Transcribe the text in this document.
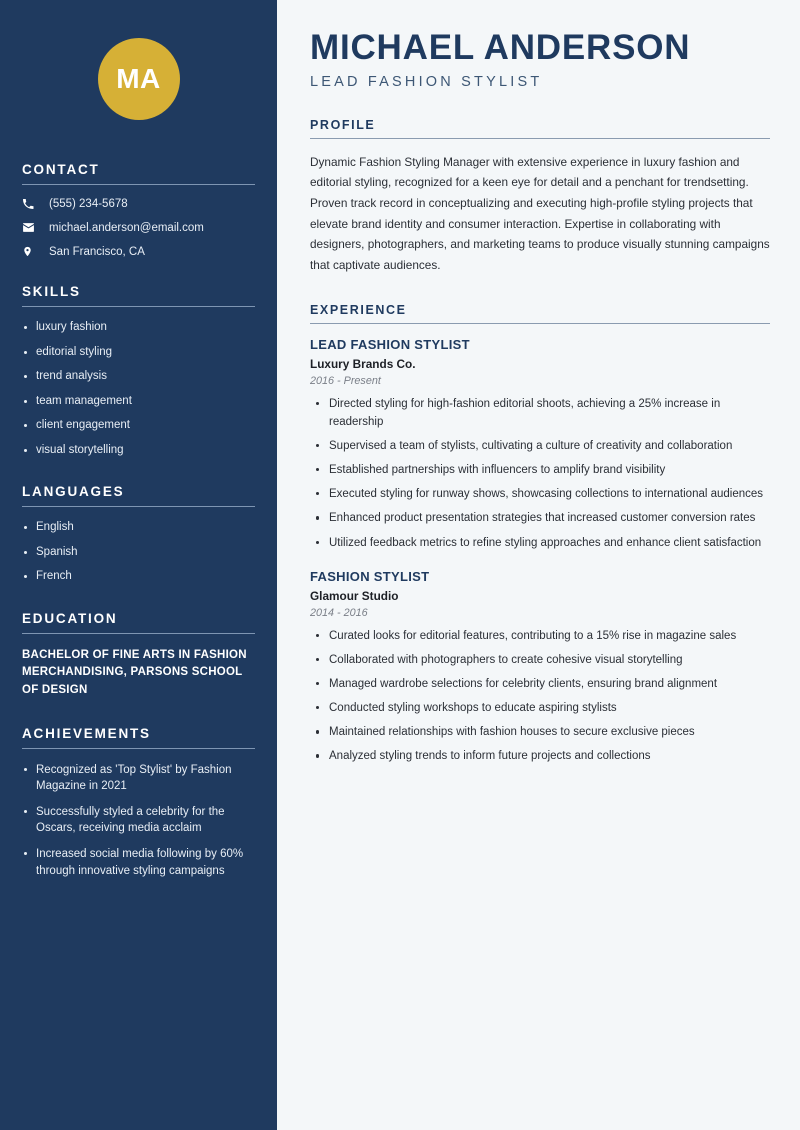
MA
CONTACT
(555) 234-5678
michael.anderson@email.com
San Francisco, CA
SKILLS
luxury fashion
editorial styling
trend analysis
team management
client engagement
visual storytelling
LANGUAGES
English
Spanish
French
EDUCATION
BACHELOR OF FINE ARTS IN FASHION MERCHANDISING, PARSONS SCHOOL OF DESIGN
ACHIEVEMENTS
Recognized as 'Top Stylist' by Fashion Magazine in 2021
Successfully styled a celebrity for the Oscars, receiving media acclaim
Increased social media following by 60% through innovative styling campaigns
MICHAEL ANDERSON
LEAD FASHION STYLIST
PROFILE

Dynamic Fashion Styling Manager with extensive experience in luxury fashion and editorial styling, recognized for a keen eye for detail and a penchant for trendsetting. Proven track record in conceptualizing and executing high-profile styling projects that elevate brand identity and consumer interaction. Expertise in collaborating with designers, photographers, and marketing teams to produce visually stunning campaigns that captivate audiences.

EXPERIENCE
LEAD FASHION STYLIST
Luxury Brands Co.
2016 - Present
Directed styling for high-fashion editorial shoots, achieving a 25% increase in readership
Supervised a team of stylists, cultivating a culture of creativity and collaboration
Established partnerships with influencers to amplify brand visibility
Executed styling for runway shows, showcasing collections to international audiences
Enhanced product presentation strategies that increased customer conversion rates
Utilized feedback metrics to refine styling approaches and enhance client satisfaction
FASHION STYLIST
Glamour Studio
2014 - 2016
Curated looks for editorial features, contributing to a 15% rise in magazine sales
Collaborated with photographers to create cohesive visual storytelling
Managed wardrobe selections for celebrity clients, ensuring brand alignment
Conducted styling workshops to educate aspiring stylists
Maintained relationships with fashion houses to secure exclusive pieces
Analyzed styling trends to inform future projects and collections
